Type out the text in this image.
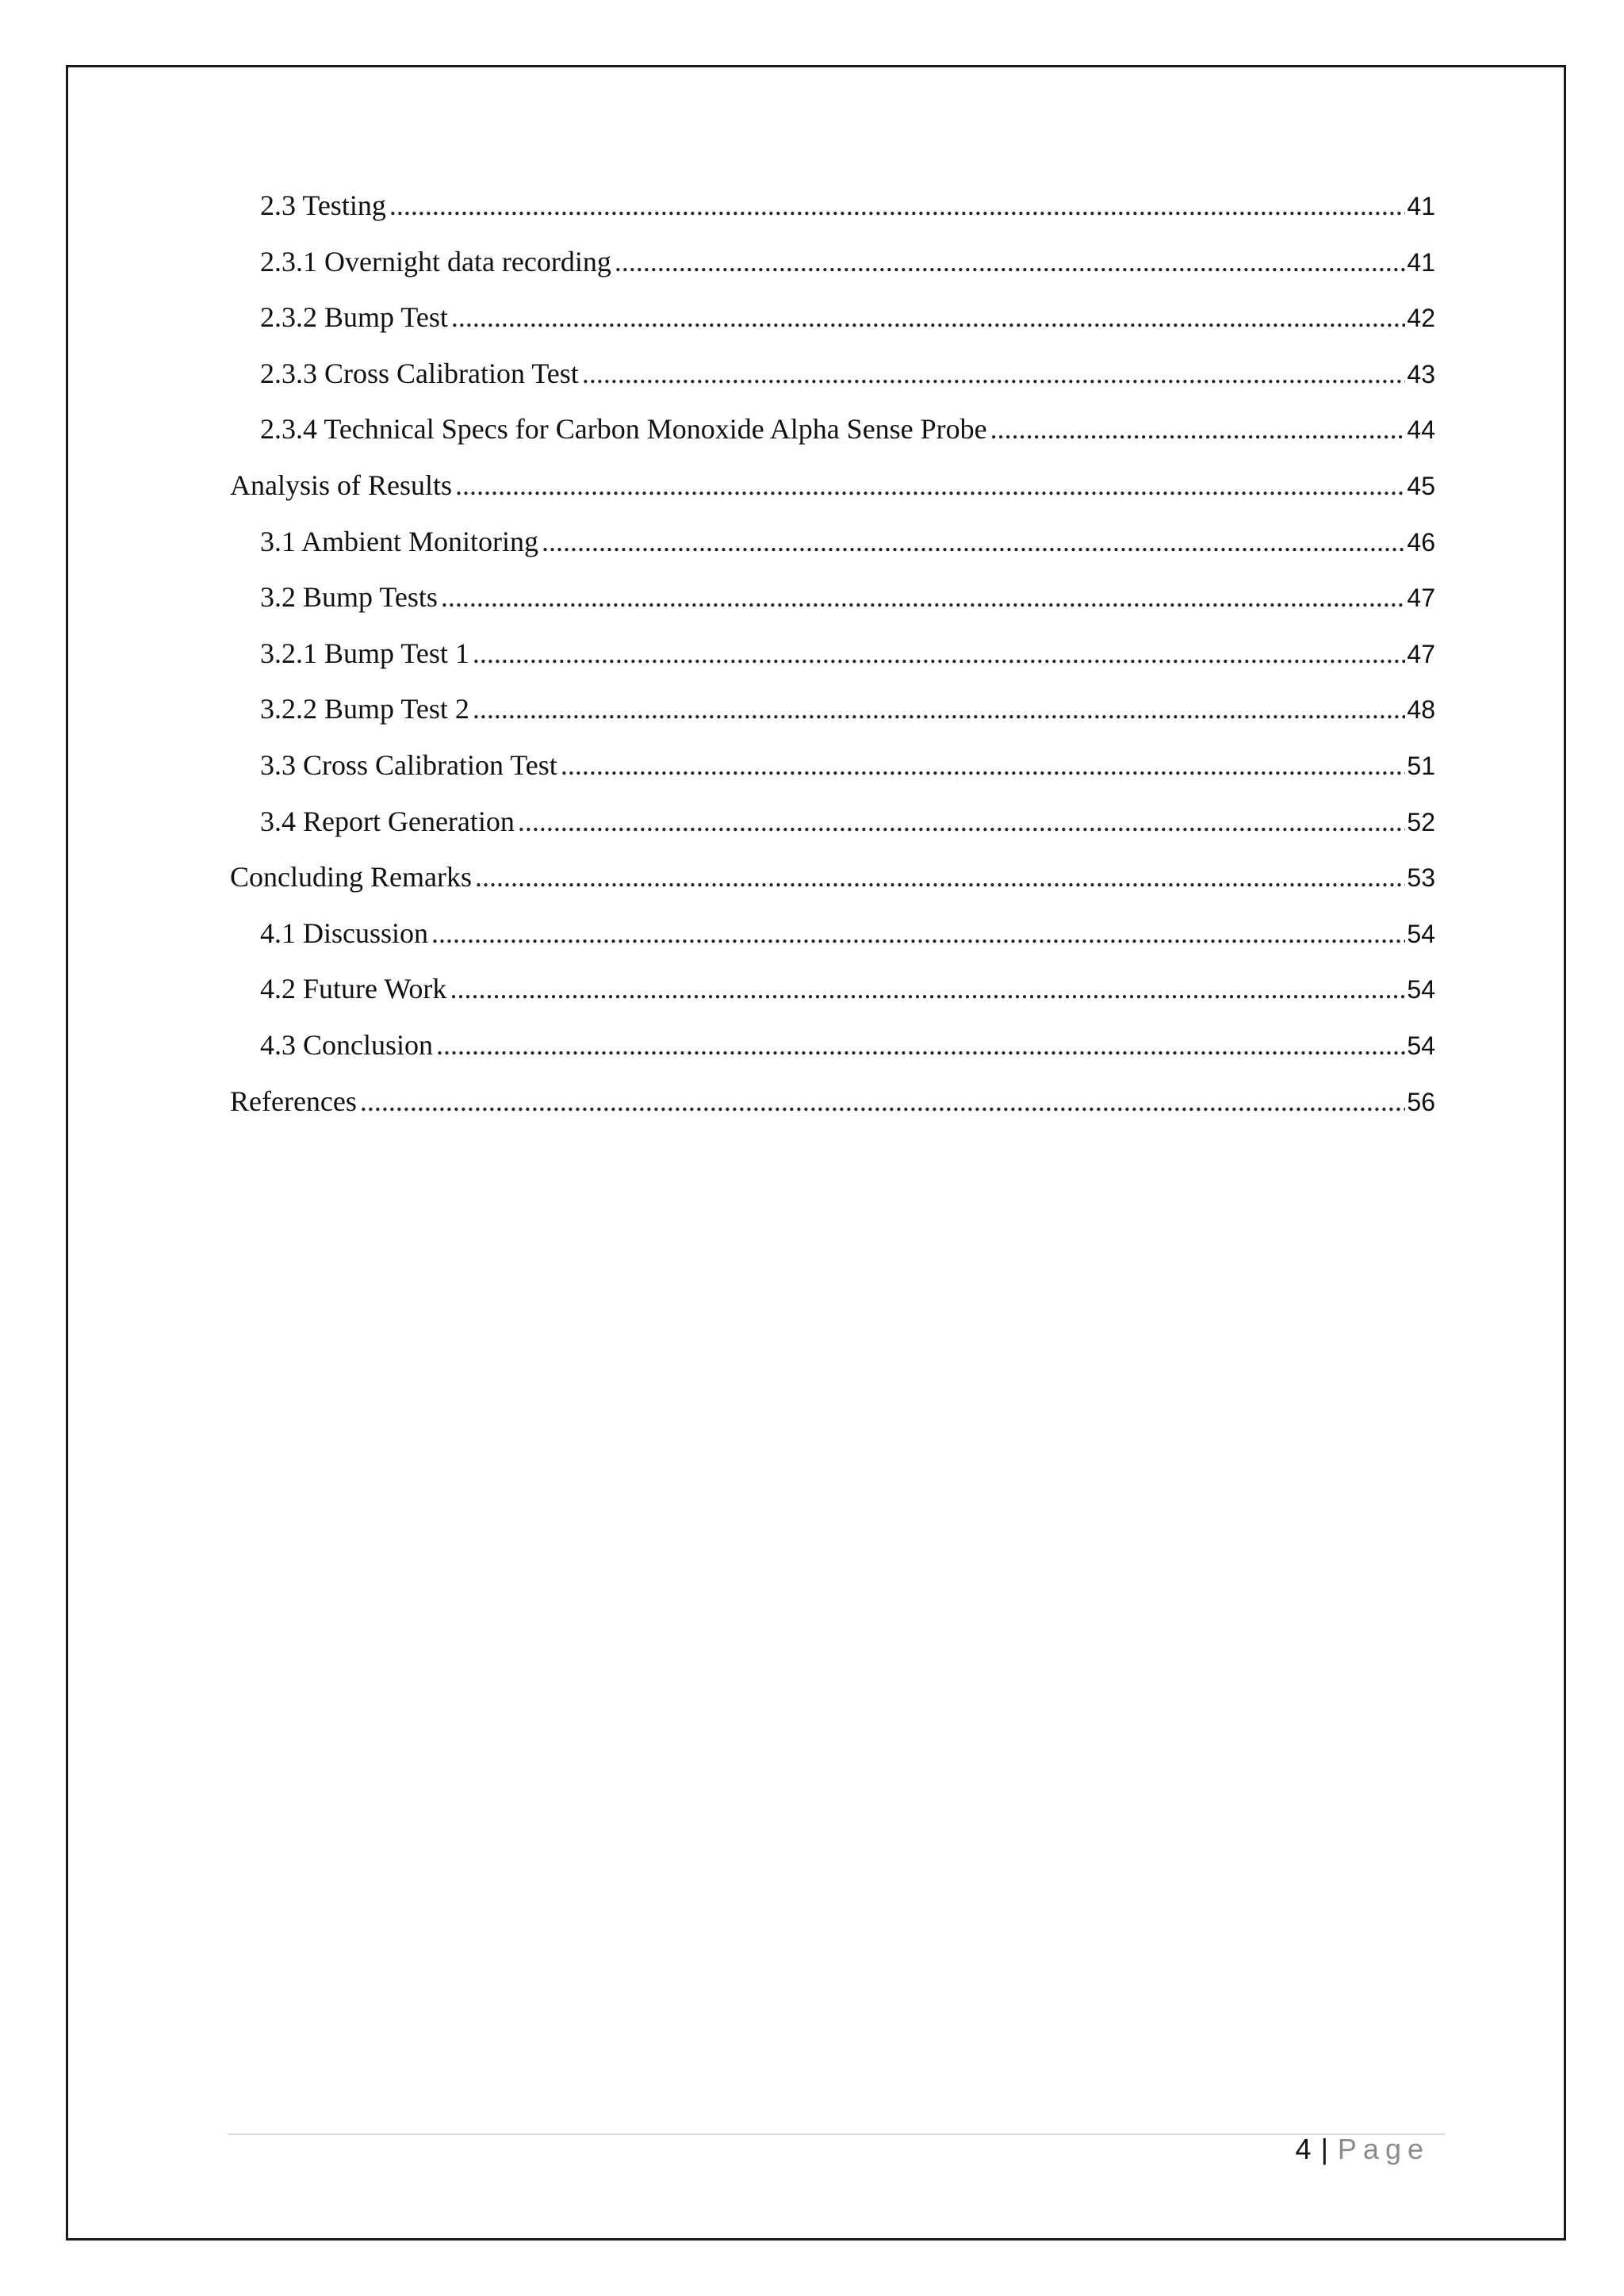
2.3 Testing .....	41
2.3.1 Overnight data recording .....	41
2.3.2 Bump Test .....	42
2.3.3 Cross Calibration Test .....	43
2.3.4 Technical Specs for Carbon Monoxide Alpha Sense Probe .....	44
Analysis of Results .....	45
3.1 Ambient Monitoring .....	46
3.2 Bump Tests .....	47
3.2.1 Bump Test 1 .....	47
3.2.2 Bump Test 2 .....	48
3.3 Cross Calibration Test .....	51
3.4 Report Generation .....	52
Concluding Remarks .....	53
4.1 Discussion .....	54
4.2 Future Work .....	54
4.3 Conclusion .....	54
References .....	56
4 | Page
